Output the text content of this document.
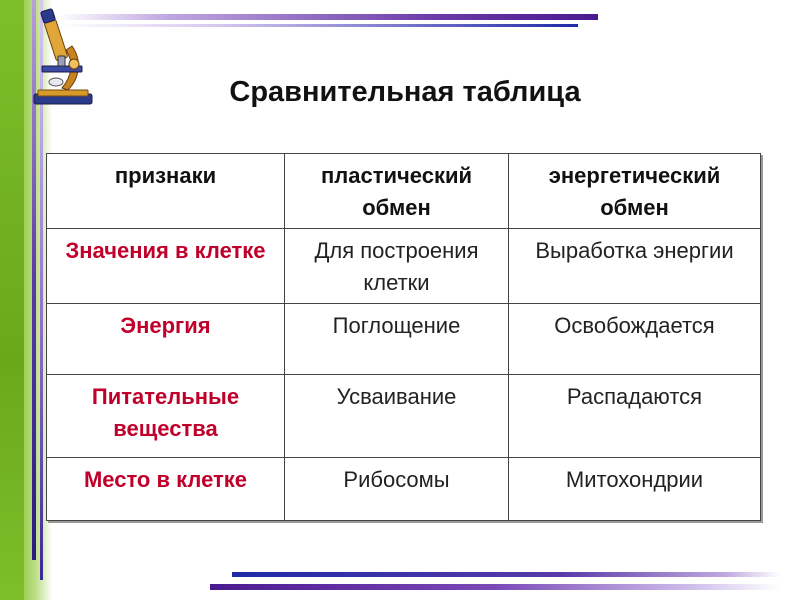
Сравнительная таблица
признаки	пластический обмен	энергетический обмен
Значения в клетке	Для построения клетки	Выработка энергии
Энергия	Поглощение	Освобождается
Питательные вещества	Усваивание	Распадаются
Место в клетке	Рибосомы	Митохондрии
